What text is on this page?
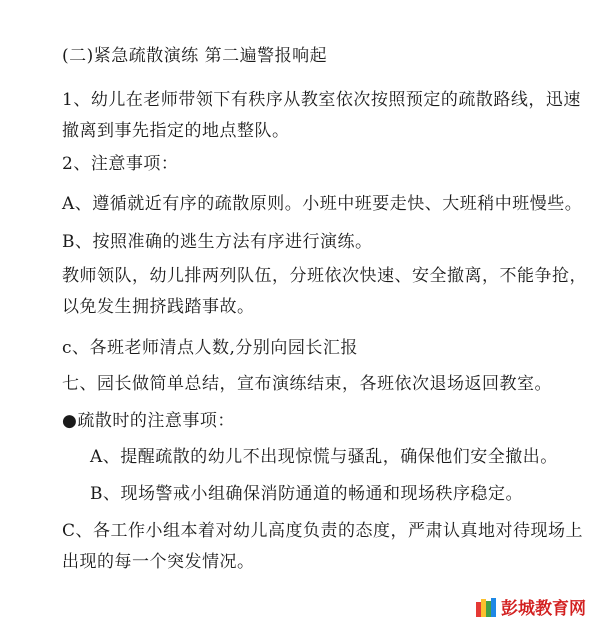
(二)紧急疏散演练 第二遍警报响起
1、幼儿在老师带领下有秩序从教室依次按照预定的疏散路线，迅速
撤离到事先指定的地点整队。
2、注意事项：
A、遵循就近有序的疏散原则。小班中班要走快、大班稍中班慢些。
B、按照准确的逃生方法有序进行演练。
教师领队，幼儿排两列队伍，分班依次快速、安全撤离，不能争抢，
以免发生拥挤践踏事故。
c、各班老师清点人数,分别向园长汇报
七、园长做简单总结，宣布演练结束，各班依次退场返回教室。
●疏散时的注意事项：
A、提醒疏散的幼儿不出现惊慌与骚乱，确保他们安全撤出。
B、现场警戒小组确保消防通道的畅通和现场秩序稳定。
C、各工作小组本着对幼儿高度负责的态度，严肃认真地对待现场上
出现的每一个突发情况。
彭城教育网
